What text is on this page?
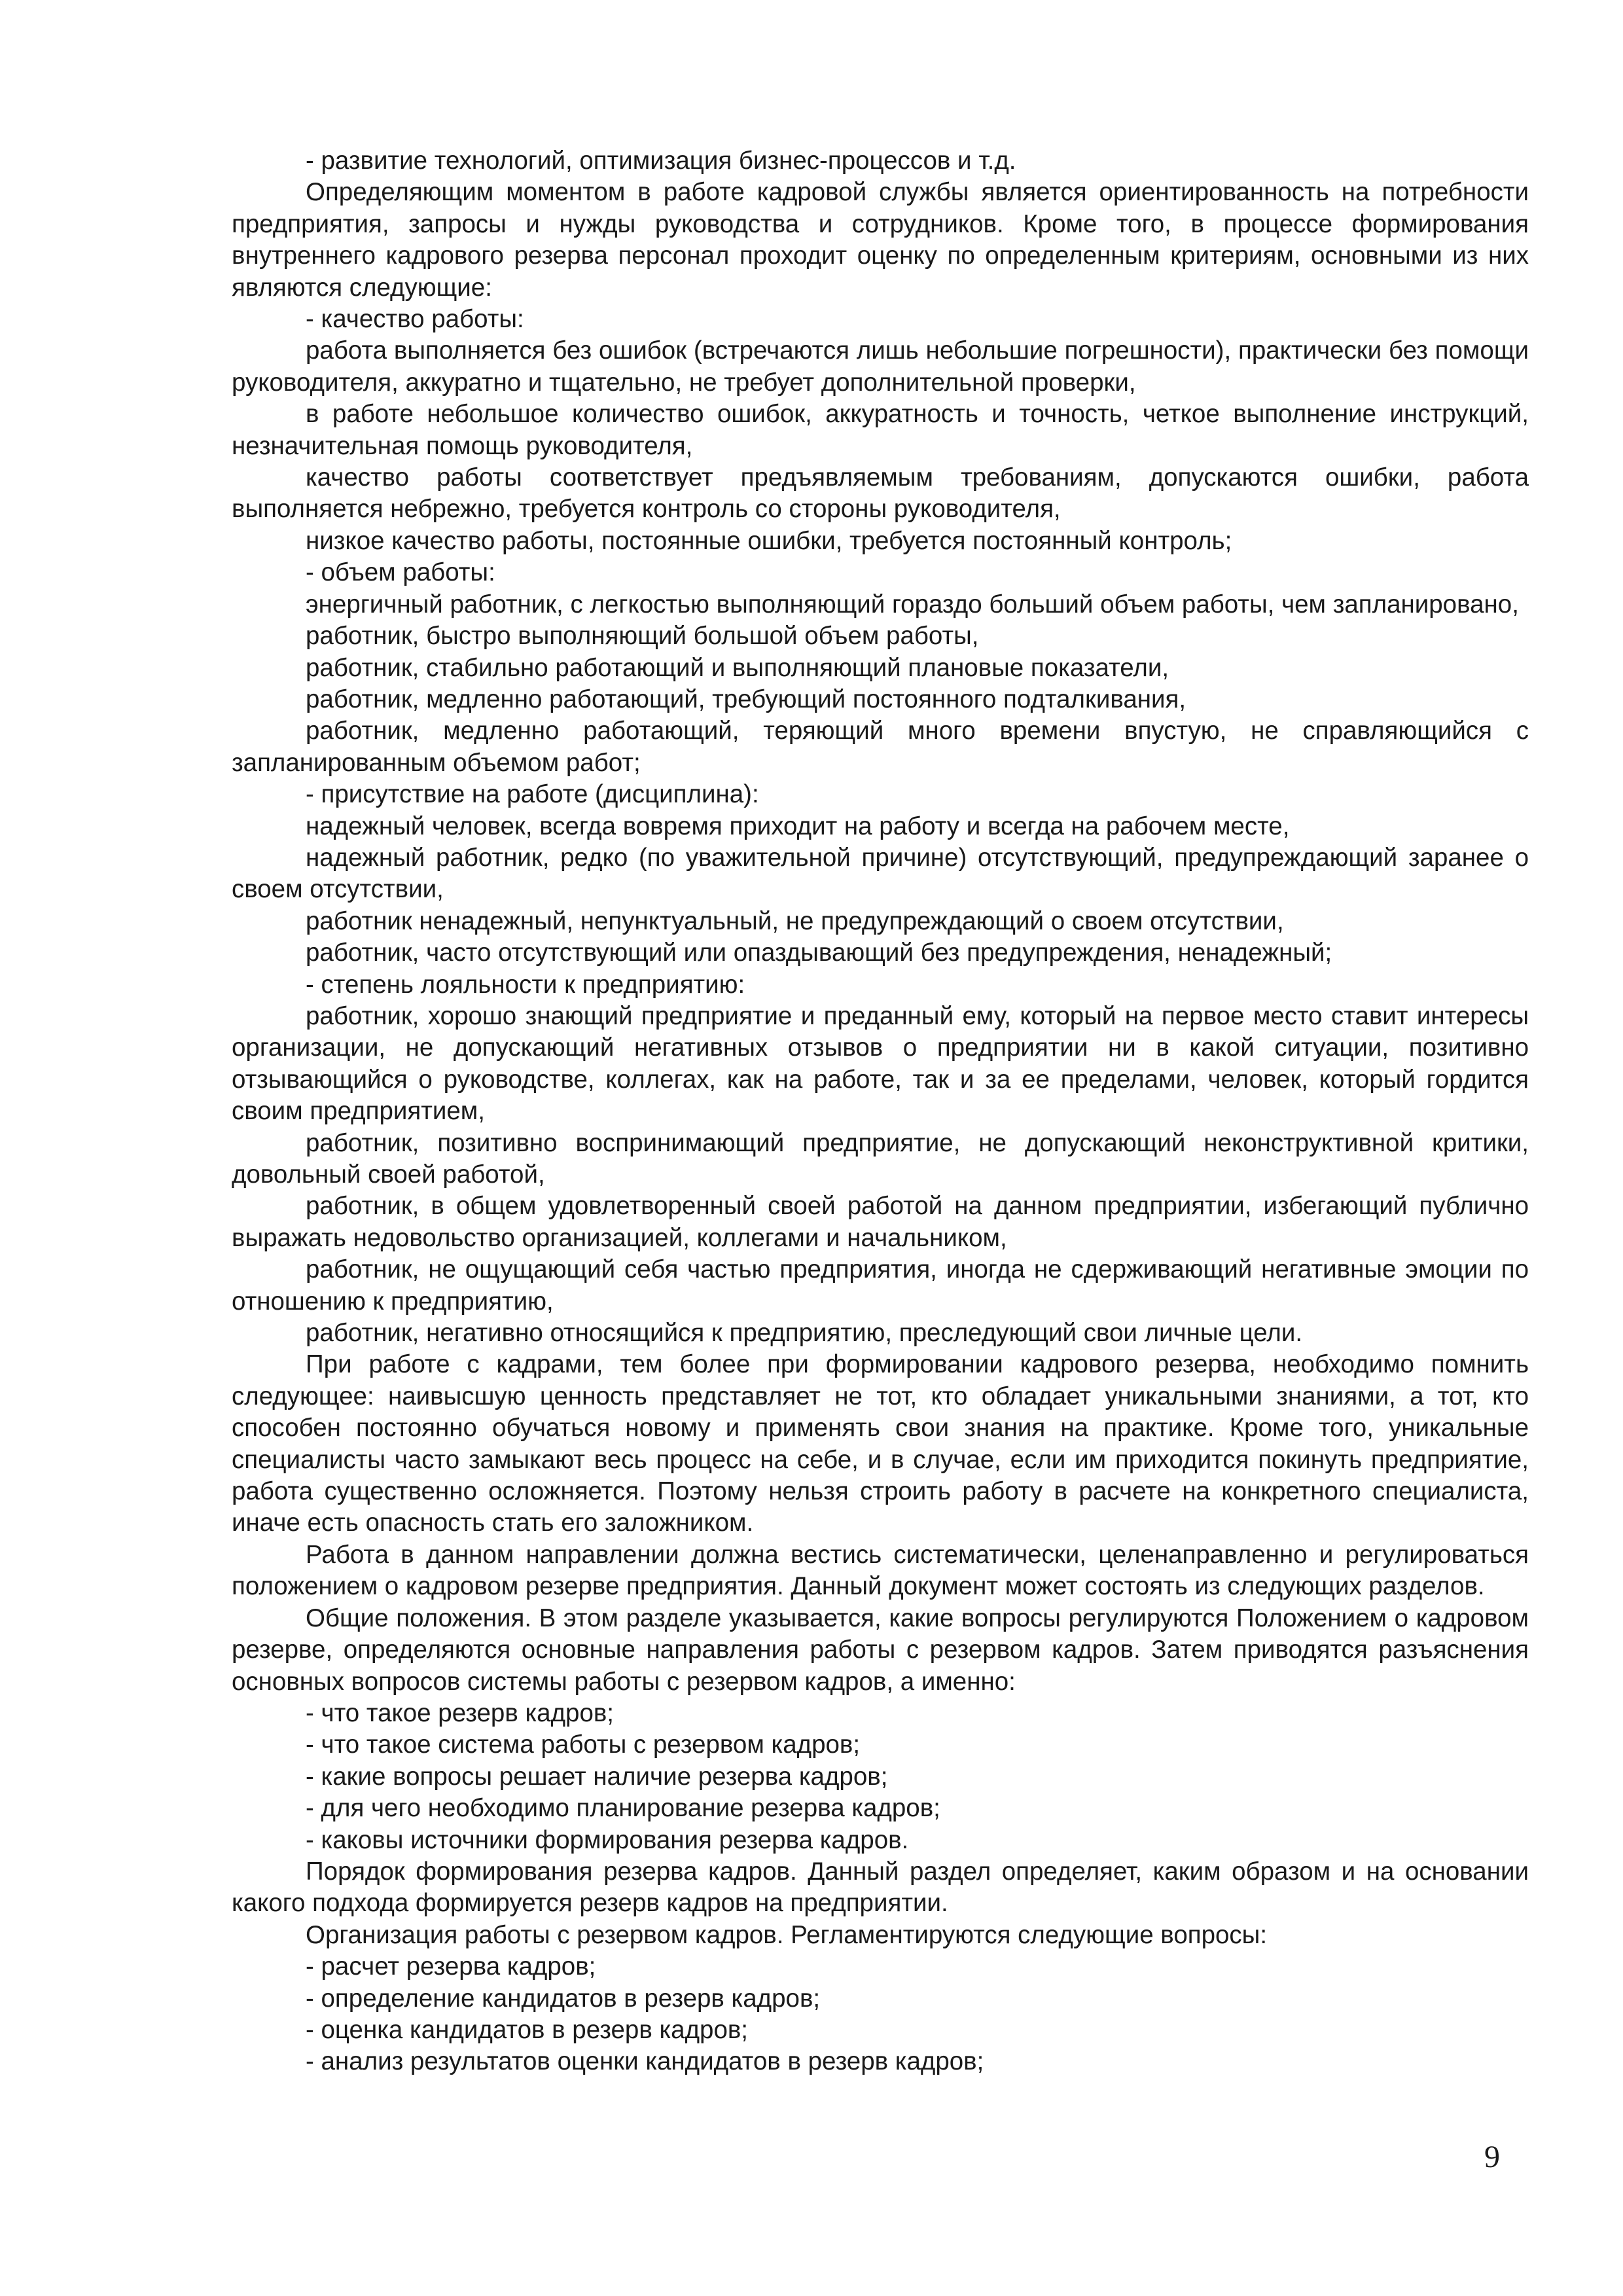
- развитие технологий, оптимизация бизнес-процессов и т.д.

Определяющим моментом в работе кадровой службы является ориентированность на потребности предприятия, запросы и нужды руководства и сотрудников. Кроме того, в процессе формирования внутреннего кадрового резерва персонал проходит оценку по определенным критериям, основными из них являются следующие:

- качество работы:

работа выполняется без ошибок (встречаются лишь небольшие погрешности), практически без помощи руководителя, аккуратно и тщательно, не требует дополнительной проверки,

в работе небольшое количество ошибок, аккуратность и точность, четкое выполнение инструкций, незначительная помощь руководителя,

качество работы соответствует предъявляемым требованиям, допускаются ошибки, работа выполняется небрежно, требуется контроль со стороны руководителя,

низкое качество работы, постоянные ошибки, требуется постоянный контроль;

- объем работы:

энергичный работник, с легкостью выполняющий гораздо больший объем работы, чем запланировано,

работник, быстро выполняющий большой объем работы,

работник, стабильно работающий и выполняющий плановые показатели,

работник, медленно работающий, требующий постоянного подталкивания,

работник, медленно работающий, теряющий много времени впустую, не справляющийся с запланированным объемом работ;

- присутствие на работе (дисциплина):

надежный человек, всегда вовремя приходит на работу и всегда на рабочем месте,

надежный работник, редко (по уважительной причине) отсутствующий, предупреждающий заранее о своем отсутствии,

работник ненадежный, непунктуальный, не предупреждающий о своем отсутствии,

работник, часто отсутствующий или опаздывающий без предупреждения, ненадежный;

- степень лояльности к предприятию:

работник, хорошо знающий предприятие и преданный ему, который на первое место ставит интересы организации, не допускающий негативных отзывов о предприятии ни в какой ситуации, позитивно отзывающийся о руководстве, коллегах, как на работе, так и за ее пределами, человек, который гордится своим предприятием,

работник, позитивно воспринимающий предприятие, не допускающий неконструктивной критики, довольный своей работой,

работник, в общем удовлетворенный своей работой на данном предприятии, избегающий публично выражать недовольство организацией, коллегами и начальником,

работник, не ощущающий себя частью предприятия, иногда не сдерживающий негативные эмоции по отношению к предприятию,

работник, негативно относящийся к предприятию, преследующий свои личные цели.

При работе с кадрами, тем более при формировании кадрового резерва, необходимо помнить следующее: наивысшую ценность представляет не тот, кто обладает уникальными знаниями, а тот, кто способен постоянно обучаться новому и применять свои знания на практике. Кроме того, уникальные специалисты часто замыкают весь процесс на себе, и в случае, если им приходится покинуть предприятие, работа существенно осложняется. Поэтому нельзя строить работу в расчете на конкретного специалиста, иначе есть опасность стать его заложником.

Работа в данном направлении должна вестись систематически, целенаправленно и регулироваться положением о кадровом резерве предприятия. Данный документ может состоять из следующих разделов.

Общие положения. В этом разделе указывается, какие вопросы регулируются Положением о кадровом резерве, определяются основные направления работы с резервом кадров. Затем приводятся разъяснения основных вопросов системы работы с резервом кадров, а именно:

- что такое резерв кадров;

- что такое система работы с резервом кадров;

- какие вопросы решает наличие резерва кадров;

- для чего необходимо планирование резерва кадров;

- каковы источники формирования резерва кадров.

Порядок формирования резерва кадров. Данный раздел определяет, каким образом и на основании какого подхода формируется резерв кадров на предприятии.

Организация работы с резервом кадров. Регламентируются следующие вопросы:

- расчет резерва кадров;

- определение кандидатов в резерв кадров;

- оценка кандидатов в резерв кадров;

- анализ результатов оценки кандидатов в резерв кадров;

9
